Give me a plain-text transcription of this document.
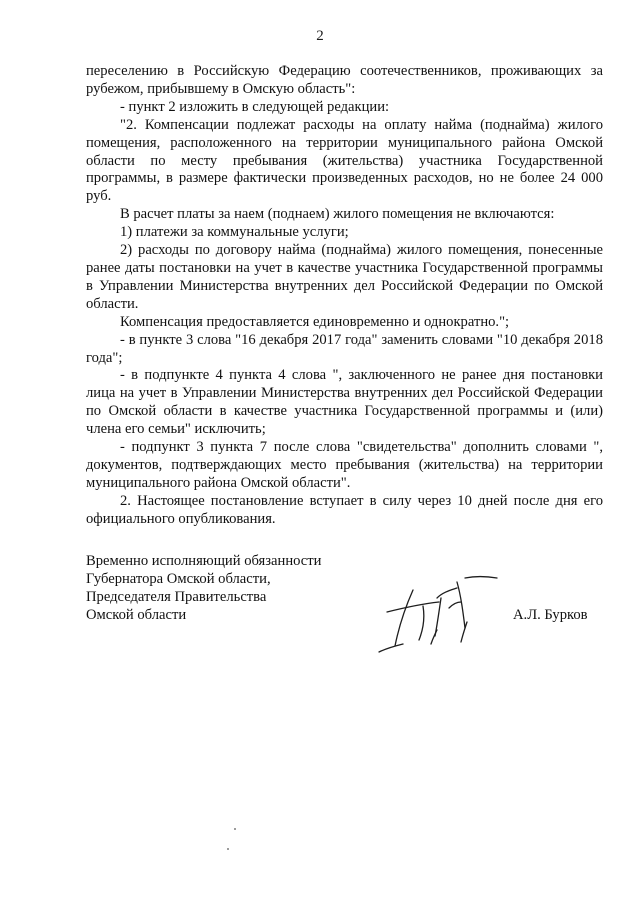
2

переселению в Российскую Федерацию соотечественников, проживающих за рубежом, прибывшему в Омскую область":

- пункт 2 изложить в следующей редакции:

"2. Компенсации подлежат расходы на оплату найма (поднайма) жилого помещения, расположенного на территории муниципального района Омской области по месту пребывания (жительства) участника Государственной программы, в размере фактически произведенных расходов, но не более 24 000 руб.

В расчет платы за наем (поднаем) жилого помещения не включаются:

1) платежи за коммунальные услуги;

2) расходы по договору найма (поднайма) жилого помещения, понесенные ранее даты постановки на учет в качестве участника Государственной программы в Управлении Министерства внутренних дел Российской Федерации по Омской области.

Компенсация предоставляется единовременно и однократно.";

- в пункте 3 слова "16 декабря 2017 года" заменить словами "10 декабря 2018 года";

- в подпункте 4 пункта 4 слова ", заключенного не ранее дня постановки лица на учет в Управлении Министерства внутренних дел Российской Федерации по Омской области в качестве участника Государственной программы и (или) члена его семьи" исключить;

- подпункт 3 пункта 7 после слова "свидетельства" дополнить словами ", документов, подтверждающих место пребывания (жительства) на территории муниципального района Омской области".

2. Настоящее постановление вступает в силу через 10 дней после дня его официального опубликования.

Временно исполняющий обязанности
Губернатора Омской области,
Председателя Правительства
Омской области	А.Л. Бурков
